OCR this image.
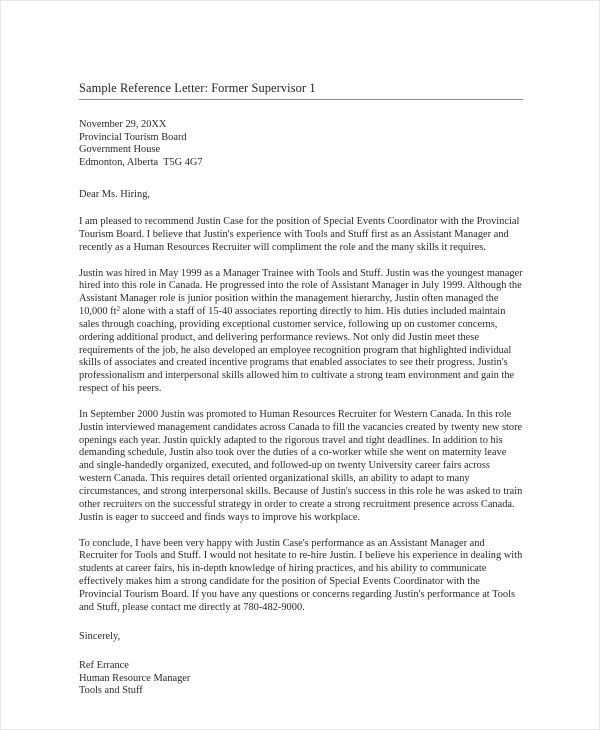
Sample Reference Letter: Former Supervisor 1
November 29, 20XX
Provincial Tourism Board
Government House
Edmonton, Alberta  T5G 4G7
Dear Ms. Hiring,

I am pleased to recommend Justin Case for the position of Special Events Coordinator with the Provincial Tourism Board. I believe that Justin's experience with Tools and Stuff first as an Assistant Manager and recently as a Human Resources Recruiter will compliment the role and the many skills it requires.

Justin was hired in May 1999 as a Manager Trainee with Tools and Stuff. Justin was the youngest manager hired into this role in Canada. He progressed into the role of Assistant Manager in July 1999. Although the Assistant Manager role is junior position within the management hierarchy, Justin often managed the 10,000 $ft^2$ alone with a staff of 15-40 associates reporting directly to him. His duties included maintain sales through coaching, providing exceptional customer service, following up on customer concerns, ordering additional product, and delivering performance reviews. Not only did Justin meet these requirements of the job, he also developed an employee recognition program that highlighted individual skills of associates and created incentive programs that enabled associates to see their progress. Justin's professionalism and interpersonal skills allowed him to cultivate a strong team environment and gain the respect of his peers.

In September 2000 Justin was promoted to Human Resources Recruiter for Western Canada. In this role Justin interviewed management candidates across Canada to fill the vacancies created by twenty new store openings each year. Justin quickly adapted to the rigorous travel and tight deadlines. In addition to his demanding schedule, Justin also took over the duties of a co-worker while she went on maternity leave and single-handedly organized, executed, and followed-up on twenty University career fairs across western Canada. This requires detail oriented organizational skills, an ability to adapt to many circumstances, and strong interpersonal skills. Because of Justin's success in this role he was asked to train other recruiters on the successful strategy in order to create a strong recruitment presence across Canada. Justin is eager to succeed and finds ways to improve his workplace.

To conclude, I have been very happy with Justin Case's performance as an Assistant Manager and Recruiter for Tools and Stuff. I would not hesitate to re-hire Justin. I believe his experience in dealing with students at career fairs, his in-depth knowledge of hiring practices, and his ability to communicate effectively makes him a strong candidate for the position of Special Events Coordinator with the Provincial Tourism Board. If you have any questions or concerns regarding Justin's performance at Tools and Stuff, please contact me directly at 780-482-9000.

Sincerely,
Ref Errance
Human Resource Manager
Tools and Stuff
